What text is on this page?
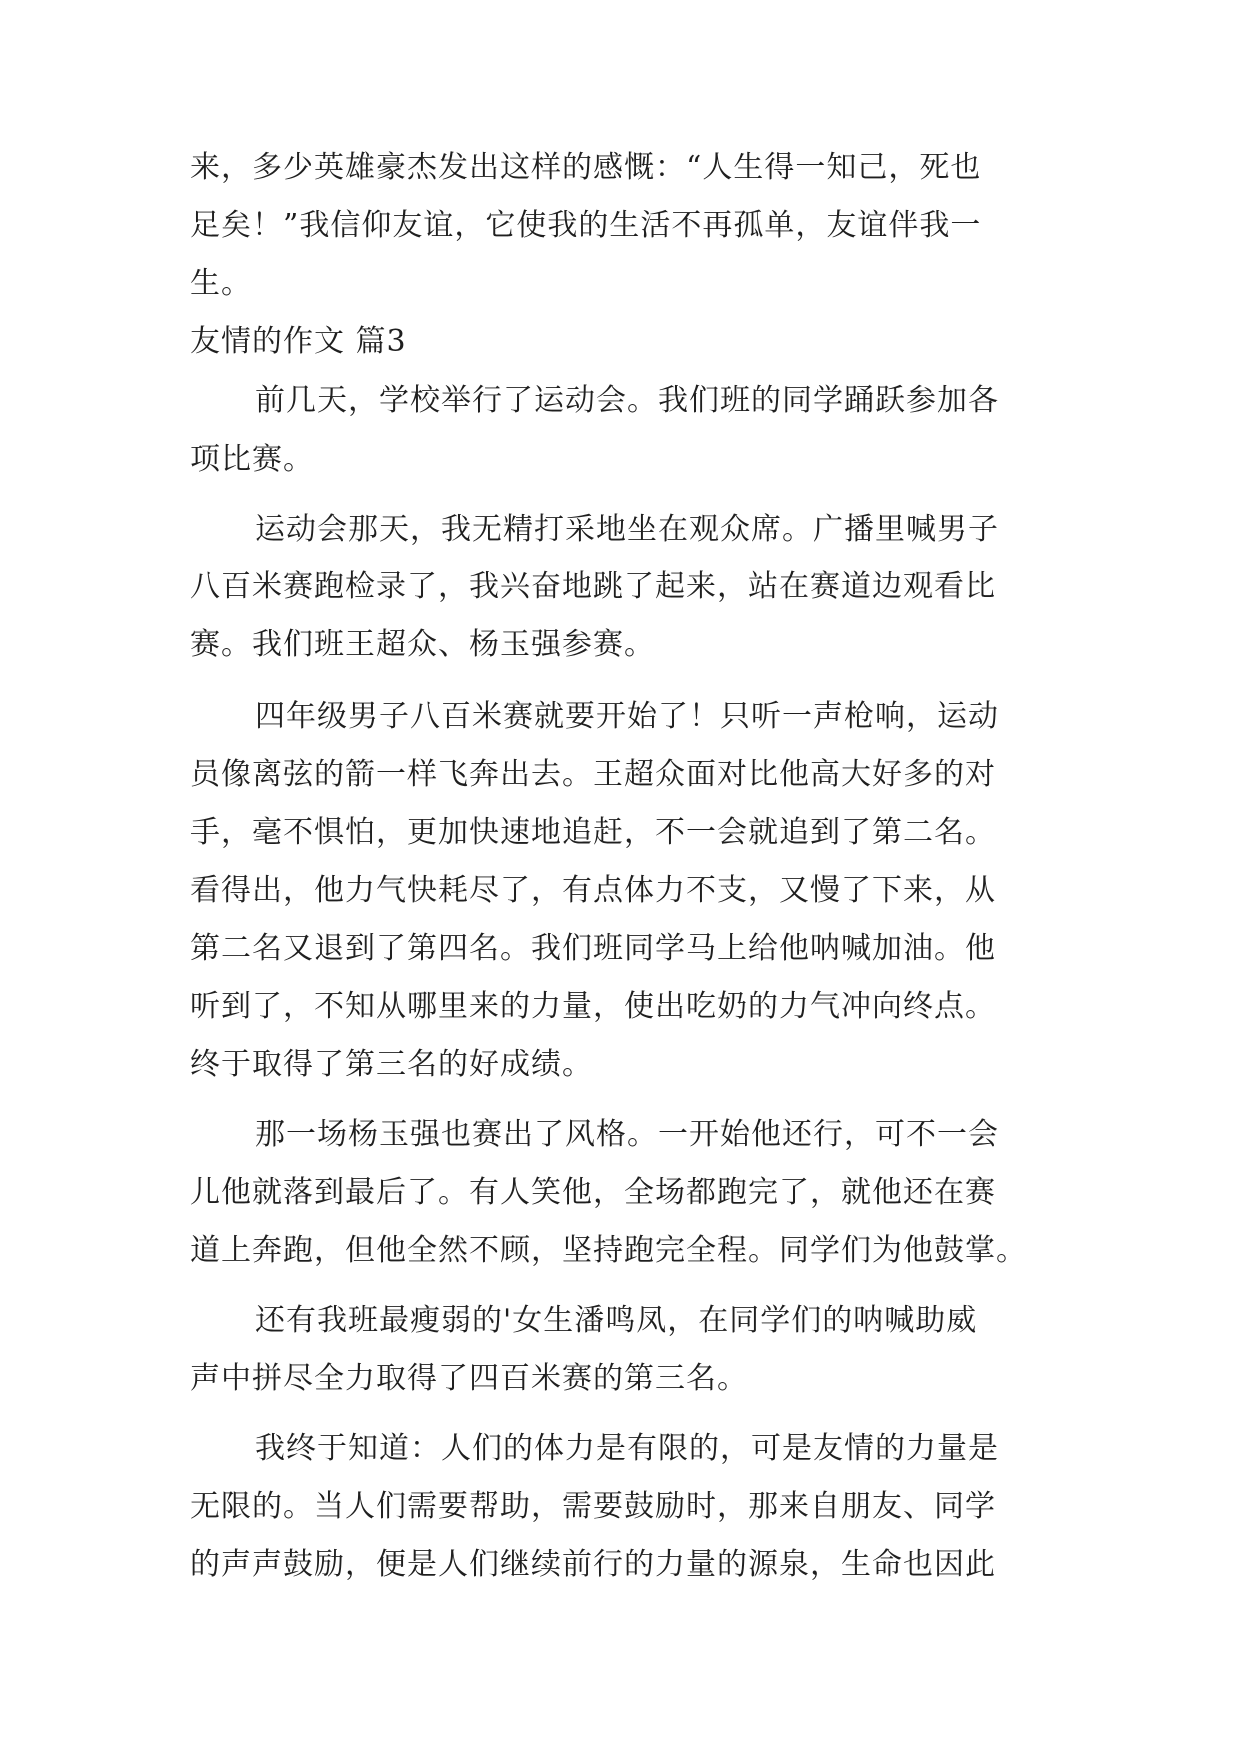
来，多少英雄豪杰发出这样的感慨：“人生得一知己，死也
足矣！”我信仰友谊，它使我的生活不再孤单，友谊伴我一
生。
友情的作文 篇3
前几天，学校举行了运动会。我们班的同学踊跃参加各
项比赛。
运动会那天，我无精打采地坐在观众席。广播里喊男子
八百米赛跑检录了，我兴奋地跳了起来，站在赛道边观看比
赛。我们班王超众、杨玉强参赛。
四年级男子八百米赛就要开始了！只听一声枪响，运动
员像离弦的箭一样飞奔出去。王超众面对比他高大好多的对
手，毫不惧怕，更加快速地追赶，不一会就追到了第二名。
看得出，他力气快耗尽了，有点体力不支，又慢了下来，从
第二名又退到了第四名。我们班同学马上给他呐喊加油。他
听到了，不知从哪里来的力量，使出吃奶的力气冲向终点。
终于取得了第三名的好成绩。
那一场杨玉强也赛出了风格。一开始他还行，可不一会
儿他就落到最后了。有人笑他，全场都跑完了，就他还在赛
道上奔跑，但他全然不顾，坚持跑完全程。同学们为他鼓掌。
还有我班最瘦弱的'女生潘鸣凤，在同学们的呐喊助威
声中拼尽全力取得了四百米赛的第三名。
我终于知道：人们的体力是有限的，可是友情的力量是
无限的。当人们需要帮助，需要鼓励时，那来自朋友、同学
的声声鼓励，便是人们继续前行的力量的源泉，生命也因此
